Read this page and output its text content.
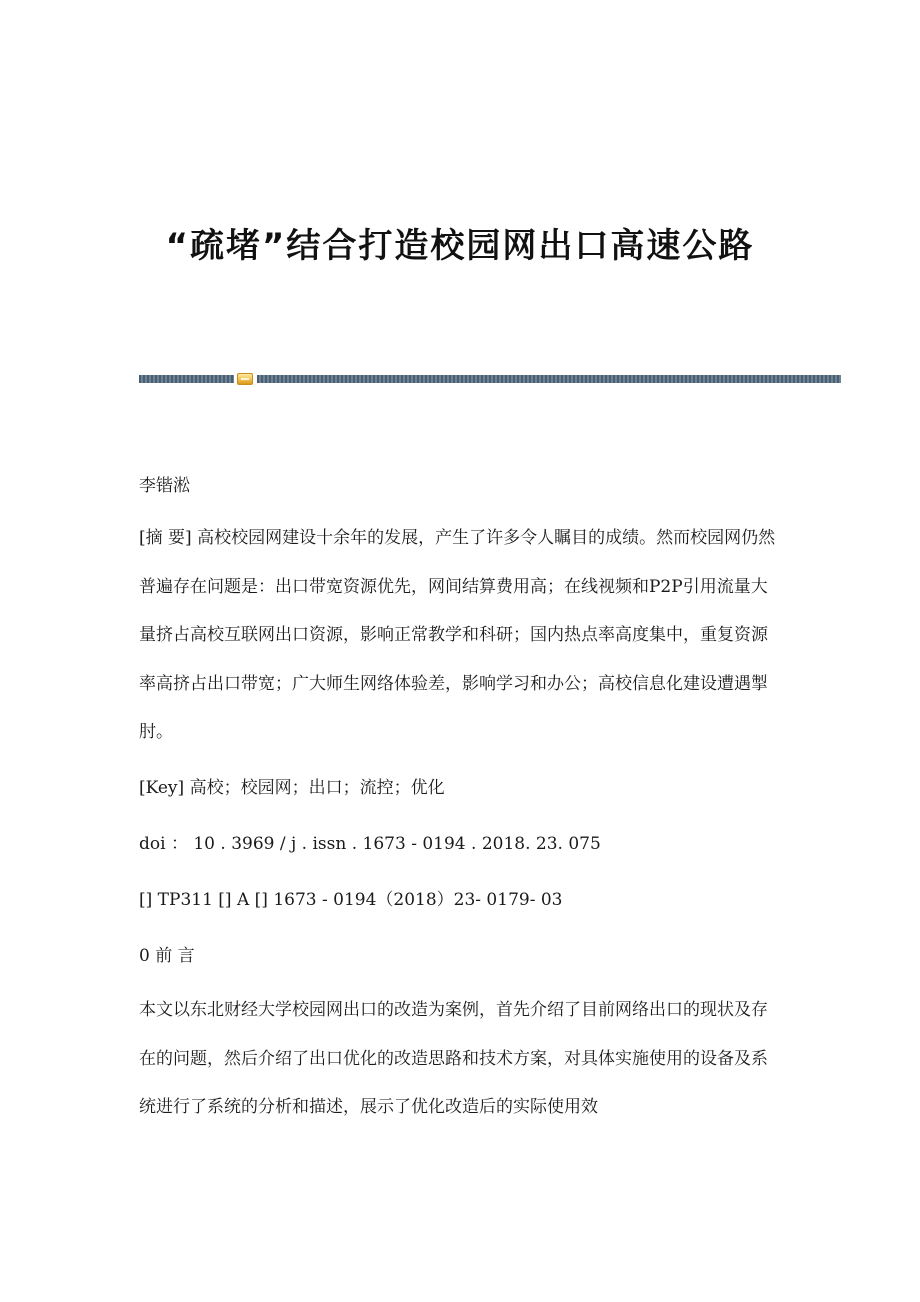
“疏堵”结合打造校园网出口高速公路
李锴淞
[摘 要] 高校校园网建设十余年的发展，产生了许多令人瞩目的成绩。然而校园网仍然普遍存在问题是：出口带宽资源优先，网间结算费用高；在线视频和P2P引用流量大量挤占高校互联网出口资源，影响正常教学和科研；国内热点率高度集中，重复资源率高挤占出口带宽；广大师生网络体验差，影响学习和办公；高校信息化建设遭遇掣肘。
[Key] 高校；校园网；出口；流控；优化
doi ： 10 . 3969 / j . issn . 1673 - 0194 . 2018. 23. 075
[] TP311 [] A [] 1673 - 0194（2018）23- 0179- 03
0 前 言
本文以东北财经大学校园网出口的改造为案例，首先介绍了目前网络出口的现状及存在的问题，然后介绍了出口优化的改造思路和技术方案，对具体实施使用的设备及系统进行了系统的分析和描述，展示了优化改造后的实际使用效
